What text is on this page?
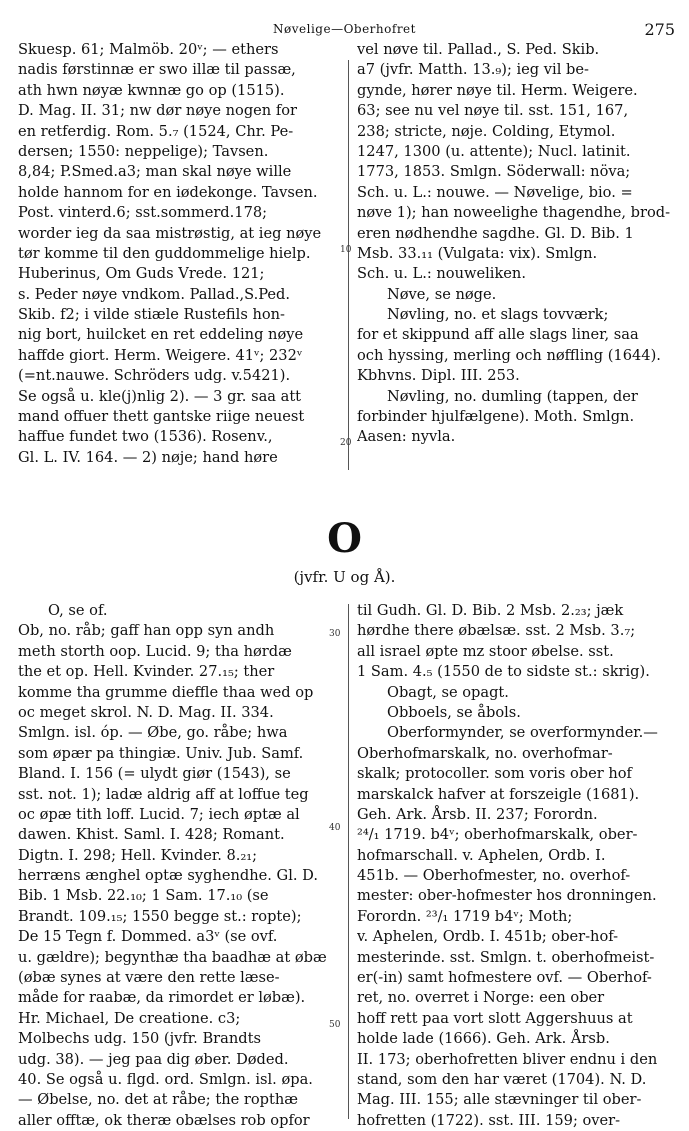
Nøvelige—Oberhofret	275
Skuesp. 61; Malmöb. 20ᵛ; — ethers
nadis førstinnæ er swo illæ til passæ,
ath hwn nøyæ kwnnæ go op (1515).
D. Mag. II. 31; nw dør nøye nogen for
en retferdig. Rom. 5.₇ (1524, Chr. Pe-
dersen; 1550: neppelige); Tavsen.
8,84; P.Smed.a3; man skal nøye wille
holde hannom for en iødekonge. Tavsen.
Post. vinterd.6; sst.sommerd.178;
worder ieg da saa mistrøstig, at ieg nøye
tør komme til den guddommelige hielp.
Huberinus, Om Guds Vrede. 121;
s. Peder nøye vndkom. Pallad.,S.Ped.
Skib. f2; i vilde stiæle Rustefils hon-
nig bort, huilcket en ret eddeling nøye
haffde giort. Herm. Weigere. 41ᵛ; 232ᵛ
(=nt.nauwe. Schröders udg. v.5421).
Se også u. kle(j)nlig 2). — 3 gr. saa att
mand offuer thett gantske riige neuest
haffue fundet two (1536). Rosenv.,
Gl. L. IV. 164. — 2) nøje; hand høre
vel nøve til. Pallad., S. Ped. Skib.
a7 (jvfr. Matth. 13.₉); ieg vil be-
gynde, hører nøye til. Herm. Weigere.
63; see nu vel nøye til. sst. 151, 167,
238; stricte, nøje. Colding, Etymol.
1247, 1300 (u. attente); Nucl. latinit.
1773, 1853. Smlgn. Söderwall: növa;
Sch. u. L.: nouwe. — Nøvelige, bio. =
nøve 1); han noweelighe thagendhe, brod-
eren nødhendhe sagdhe. Gl. D. Bib. 1
Msb. 33.₁₁ (Vulgata: vix). Smlgn.
Sch. u. L.: nouweliken.
Nøve, se nøge.
Nøvling, no. et slags tovværk;
for et skippund aff alle slags liner, saa
och hyssing, merling och nøffling (1644).
Kbhvns. Dipl. III. 253.
Nøvling, no. dumling (tappen, der
forbinder hjulfælgene). Moth. Smlgn.
Aasen: nyvla.
10
20
O
(jvfr. U og Å).
O, se of.
Ob, no. råb; gaff han opp syn andh
meth storth oop. Lucid. 9; tha hørdæ
the et op. Hell. Kvinder. 27.₁₅; ther
komme tha grumme dieffle thaa wed op
oc meget skrol. N. D. Mag. II. 334.
Smlgn. isl. óp. — Øbe, go. råbe; hwa
som øpær pa thingiæ. Univ. Jub. Samf.
Bland. I. 156 (= ulydt giør (1543), se
sst. not. 1); ladæ aldrig aff at loffue teg
oc øpæ tith loff. Lucid. 7; iech øptæ al
dawen. Khist. Saml. I. 428; Romant.
Digtn. I. 298; Hell. Kvinder. 8.₂₁;
herræns ænghel optæ syghendhe. Gl. D.
Bib. 1 Msb. 22.₁₀; 1 Sam. 17.₁₀ (se
Brandt. 109.₁₅; 1550 begge st.: ropte);
De 15 Tegn f. Dommed. a3ᵛ (se ovf.
u. gældre); begynthæ tha baadhæ at øbæ
(øbæ synes at være den rette læse-
måde for raabæ, da rimordet er løbæ).
Hr. Michael, De creatione. c3;
Molbechs udg. 150 (jvfr. Brandts
udg. 38). — jeg paa dig øber. Døded.
40. Se også u. flgd. ord. Smlgn. isl. øpa.
— Øbelse, no. det at råbe; the ropthæ
aller offtæ, ok theræ obælses rob opfor
til Gudh. Gl. D. Bib. 2 Msb. 2.₂₃; jæk
hørdhe there øbælsæ. sst. 2 Msb. 3.₇;
all israel øpte mz stoor øbelse. sst.
1 Sam. 4.₅ (1550 de to sidste st.: skrig).
Obagt, se opagt.
Obboels, se åbols.
Oberformynder, se overformynder.—
Oberhofmarskalk, no. overhofmar-
skalk; protocoller. som voris ober hof
marskalck hafver at forszeigle (1681).
Geh. Ark. Årsb. II. 237; Forordn.
²⁴/₁ 1719. b4ᵛ; oberhofmarskalk, ober-
hofmarschall. v. Aphelen, Ordb. I.
451b. — Oberhofmester, no. overhof-
mester: ober-hofmester hos dronningen.
Forordn. ²³/₁ 1719 b4ᵛ; Moth;
v. Aphelen, Ordb. I. 451b; ober-hof-
mesterinde. sst. Smlgn. t. oberhofmeist-
er(-in) samt hofmestere ovf. — Oberhof-
ret, no. overret i Norge: een ober
hoff rett paa vort slott Aggershuus at
holde lade (1666). Geh. Ark. Årsb.
II. 173; oberhofretten bliver endnu i den
stand, som den har været (1704). N. D.
Mag. III. 155; alle stævninger til ober-
hofretten (1722). sst. III. 159; over-
30
40
50
